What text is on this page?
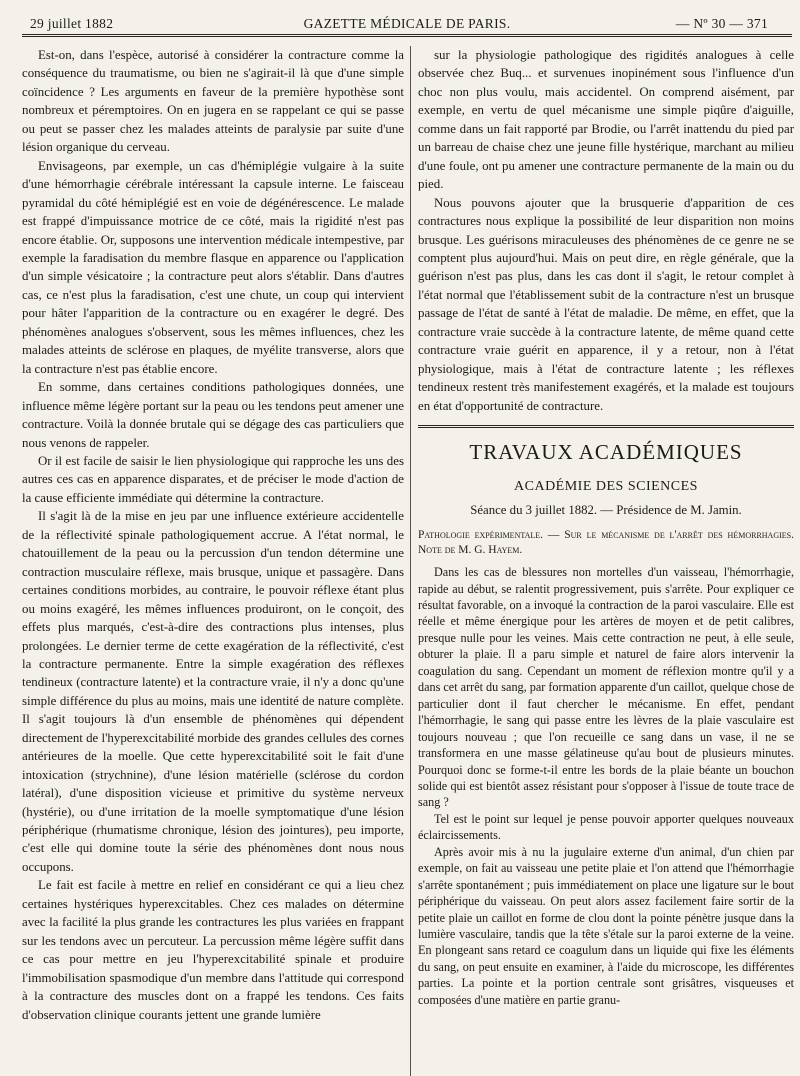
29 juillet 1882	GAZETTE MÉDICALE DE PARIS.	— Nº 30 — 371

Est-on, dans l'espèce, autorisé à considérer la contracture comme la conséquence du traumatisme, ou bien ne s'agirait-il là que d'une simple coïncidence ? Les arguments en faveur de la première hypothèse sont nombreux et péremptoires. On en jugera en se rappelant ce qui se passe ou peut se passer chez les malades atteints de paralysie par suite d'une lésion organique du cerveau.

Envisageons, par exemple, un cas d'hémiplégie vulgaire à la suite d'une hémorrhagie cérébrale intéressant la capsule interne. Le faisceau pyramidal du côté hémiplégié est en voie de dégénérescence. Le malade est frappé d'impuissance motrice de ce côté, mais la rigidité n'est pas encore établie. Or, supposons une intervention médicale intempestive, par exemple la faradisation du membre flasque en apparence ou l'application d'un simple vésicatoire ; la contracture peut alors s'établir. Dans d'autres cas, ce n'est plus la faradisation, c'est une chute, un coup qui intervient pour hâter l'apparition de la contracture ou en exagérer le degré. Des phénomènes analogues s'observent, sous les mêmes influences, chez les malades atteints de sclérose en plaques, de myélite transverse, alors que la contracture n'est pas établie encore.

En somme, dans certaines conditions pathologiques données, une influence même légère portant sur la peau ou les tendons peut amener une contracture. Voilà la donnée brutale qui se dégage des cas particuliers que nous venons de rappeler.

Or il est facile de saisir le lien physiologique qui rapproche les uns des autres ces cas en apparence disparates, et de préciser le mode d'action de la cause efficiente immédiate qui détermine la contracture.

Il s'agit là de la mise en jeu par une influence extérieure accidentelle de la réflectivité spinale pathologiquement accrue. A l'état normal, le chatouillement de la peau ou la percussion d'un tendon détermine une contraction musculaire réflexe, mais brusque, unique et passagère. Dans certaines conditions morbides, au contraire, le pouvoir réflexe étant plus ou moins exagéré, les mêmes influences produiront, on le conçoit, des effets plus marqués, c'est-à-dire des contractions plus intenses, plus prolongées. Le dernier terme de cette exagération de la réflectivité, c'est la contracture permanente. Entre la simple exagération des réflexes tendineux (contracture latente) et la contracture vraie, il n'y a donc qu'une simple différence du plus au moins, mais une identité de nature complète. Il s'agit toujours là d'un ensemble de phénomènes qui dépendent directement de l'hyperexcitabilité morbide des grandes cellules des cornes antérieures de la moelle. Que cette hyperexcitabilité soit le fait d'une intoxication (strychnine), d'une lésion matérielle (sclérose du cordon latéral), d'une disposition vicieuse et primitive du système nerveux (hystérie), ou d'une irritation de la moelle symptomatique d'une lésion périphérique (rhumatisme chronique, lésion des jointures), peu importe, c'est elle qui domine toute la série des phénomènes dont nous nous occupons.

Le fait est facile à mettre en relief en considérant ce qui a lieu chez certaines hystériques hyperexcitables. Chez ces malades on détermine avec la facilité la plus grande les contractures les plus variées en frappant sur les tendons avec un percuteur. La percussion même légère suffit dans ce cas pour mettre en jeu l'hyperexcitabilité spinale et produire l'immobilisation spasmodique d'un membre dans l'attitude qui correspond à la contracture des muscles dont on a frappé les tendons. Ces faits d'observation clinique courants jettent une grande lumière

sur la physiologie pathologique des rigidités analogues à celle observée chez Buq... et survenues inopinément sous l'influence d'un choc non plus voulu, mais accidentel. On comprend aisément, par exemple, en vertu de quel mécanisme une simple piqûre d'aiguille, comme dans un fait rapporté par Brodie, ou l'arrêt inattendu du pied par un barreau de chaise chez une jeune fille hystérique, marchant au milieu d'une foule, ont pu amener une contracture permanente de la main ou du pied.

Nous pouvons ajouter que la brusquerie d'apparition de ces contractures nous explique la possibilité de leur disparition non moins brusque. Les guérisons miraculeuses des phénomènes de ce genre ne se comptent plus aujourd'hui. Mais on peut dire, en règle générale, que la guérison n'est pas plus, dans les cas dont il s'agit, le retour complet à l'état normal que l'établissement subit de la contracture n'est un brusque passage de l'état de santé à l'état de maladie. De même, en effet, que la contracture vraie succède à la contracture latente, de même quand cette contracture vraie guérit en apparence, il y a retour, non à l'état physiologique, mais à l'état de contracture latente ; les réflexes tendineux restent très manifestement exagérés, et la malade est toujours en état d'opportunité de contracture.

TRAVAUX ACADÉMIQUES
ACADÉMIE DES SCIENCES
Séance du 3 juillet 1882. — Présidence de M. Jamin.
Pathologie expérimentale. — Sur le mécanisme de l'arrêt des hémorrhagies. Note de M. G. Hayem.

Dans les cas de blessures non mortelles d'un vaisseau, l'hémorrhagie, rapide au début, se ralentit progressivement, puis s'arrête. Pour expliquer ce résultat favorable, on a invoqué la contraction de la paroi vasculaire. Elle est réelle et même énergique pour les artères de moyen et de petit calibres, presque nulle pour les veines. Mais cette contraction ne peut, à elle seule, obturer la plaie. Il a paru simple et naturel de faire alors intervenir la coagulation du sang. Cependant un moment de réflexion montre qu'il y a dans cet arrêt du sang, par formation apparente d'un caillot, quelque chose de particulier dont il faut chercher le mécanisme. En effet, pendant l'hémorrhagie, le sang qui passe entre les lèvres de la plaie vasculaire est toujours nouveau ; que l'on recueille ce sang dans un vase, il ne se transformera en une masse gélatineuse qu'au bout de plusieurs minutes. Pourquoi donc se forme-t-il entre les bords de la plaie béante un bouchon solide qui est bientôt assez résistant pour s'opposer à l'issue de toute trace de sang ?

Tel est le point sur lequel je pense pouvoir apporter quelques nouveaux éclaircissements.

Après avoir mis à nu la jugulaire externe d'un animal, d'un chien par exemple, on fait au vaisseau une petite plaie et l'on attend que l'hémorrhagie s'arrête spontanément ; puis immédiatement on place une ligature sur le bout périphérique du vaisseau. On peut alors assez facilement faire sortir de la petite plaie un caillot en forme de clou dont la pointe pénètre jusque dans la lumière vasculaire, tandis que la tête s'étale sur la paroi externe de la veine. En plongeant sans retard ce coagulum dans un liquide qui fixe les éléments du sang, on peut ensuite en examiner, à l'aide du microscope, les différentes parties. La pointe et la portion centrale sont grisâtres, visqueuses et composées d'une matière en partie granu-
